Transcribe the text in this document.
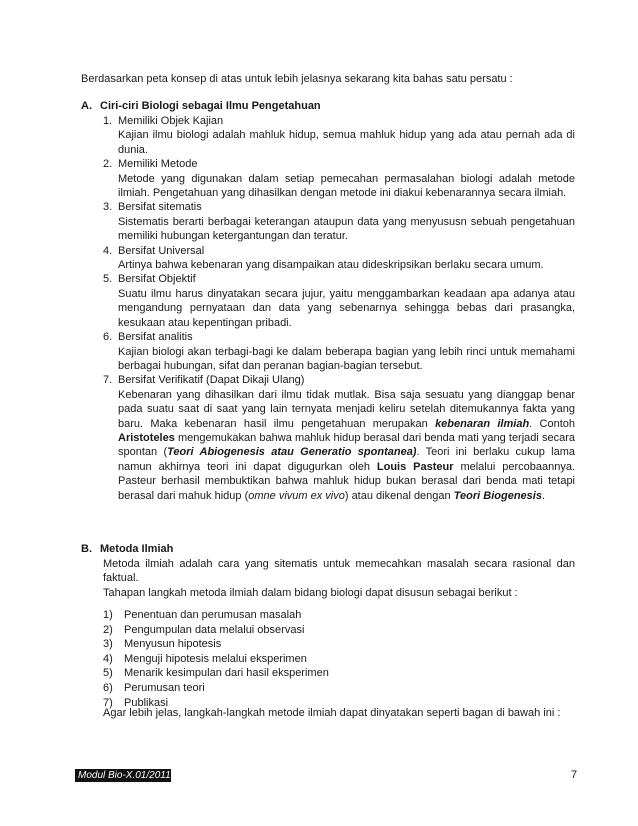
Berdasarkan peta konsep di atas untuk lebih jelasnya sekarang kita bahas satu persatu :
A. Ciri-ciri Biologi sebagai Ilmu Pengetahuan
1. Memiliki Objek Kajian
Kajian ilmu biologi adalah mahluk hidup, semua mahluk hidup yang ada atau pernah ada di dunia.
2. Memiliki Metode
Metode yang digunakan dalam setiap pemecahan permasalahan biologi adalah metode ilmiah. Pengetahuan yang dihasilkan dengan metode ini diakui kebenarannya secara ilmiah.
3. Bersifat sitematis
Sistematis berarti berbagai keterangan ataupun data yang menyususn sebuah pengetahuan memiliki hubungan ketergantungan dan teratur.
4. Bersifat Universal
Artinya bahwa kebenaran yang disampaikan atau dideskripsikan berlaku secara umum.
5. Bersifat Objektif
Suatu ilmu harus dinyatakan secara jujur, yaitu menggambarkan keadaan apa adanya atau mengandung pernyataan dan data yang sebenarnya sehingga bebas dari prasangka, kesukaan atau kepentingan pribadi.
6. Bersifat analitis
Kajian biologi akan terbagi-bagi ke dalam beberapa bagian yang lebih rinci untuk memahami berbagai hubungan, sifat dan peranan bagian-bagian tersebut.
7. Bersifat Verifikatif (Dapat Dikaji Ulang)
Kebenaran yang dihasilkan dari ilmu tidak mutlak. Bisa saja sesuatu yang dianggap benar pada suatu saat di saat yang lain ternyata menjadi keliru setelah ditemukannya fakta yang baru. Maka kebenaran hasil ilmu pengetahuan merupakan kebenaran ilmiah. Contoh Aristoteles mengemukakan bahwa mahluk hidup berasal dari benda mati yang terjadi secara spontan (Teori Abiogenesis atau Generatio spontanea). Teori ini berlaku cukup lama namun akhirnya teori ini dapat digugurkan oleh Louis Pasteur melalui percobaannya. Pasteur berhasil membuktikan bahwa mahluk hidup bukan berasal dari benda mati tetapi berasal dari mahuk hidup (omne vivum ex vivo) atau dikenal dengan Teori Biogenesis.
B. Metoda Ilmiah
Metoda ilmiah adalah cara yang sitematis untuk memecahkan masalah secara rasional dan faktual.
Tahapan langkah metoda ilmiah dalam bidang biologi dapat disusun sebagai berikut :
1)	Penentuan dan perumusan masalah
2)	Pengumpulan data melalui observasi
3)	Menyusun hipotesis
4)	Menguji hipotesis melalui eksperimen
5)	Menarik kesimpulan dari hasil eksperimen
6)	Perumusan teori
7)	Publikasi
Agar lebih jelas, langkah-langkah metode ilmiah dapat dinyatakan seperti bagan di bawah ini :
Modul Bio-X.01/2011	7
